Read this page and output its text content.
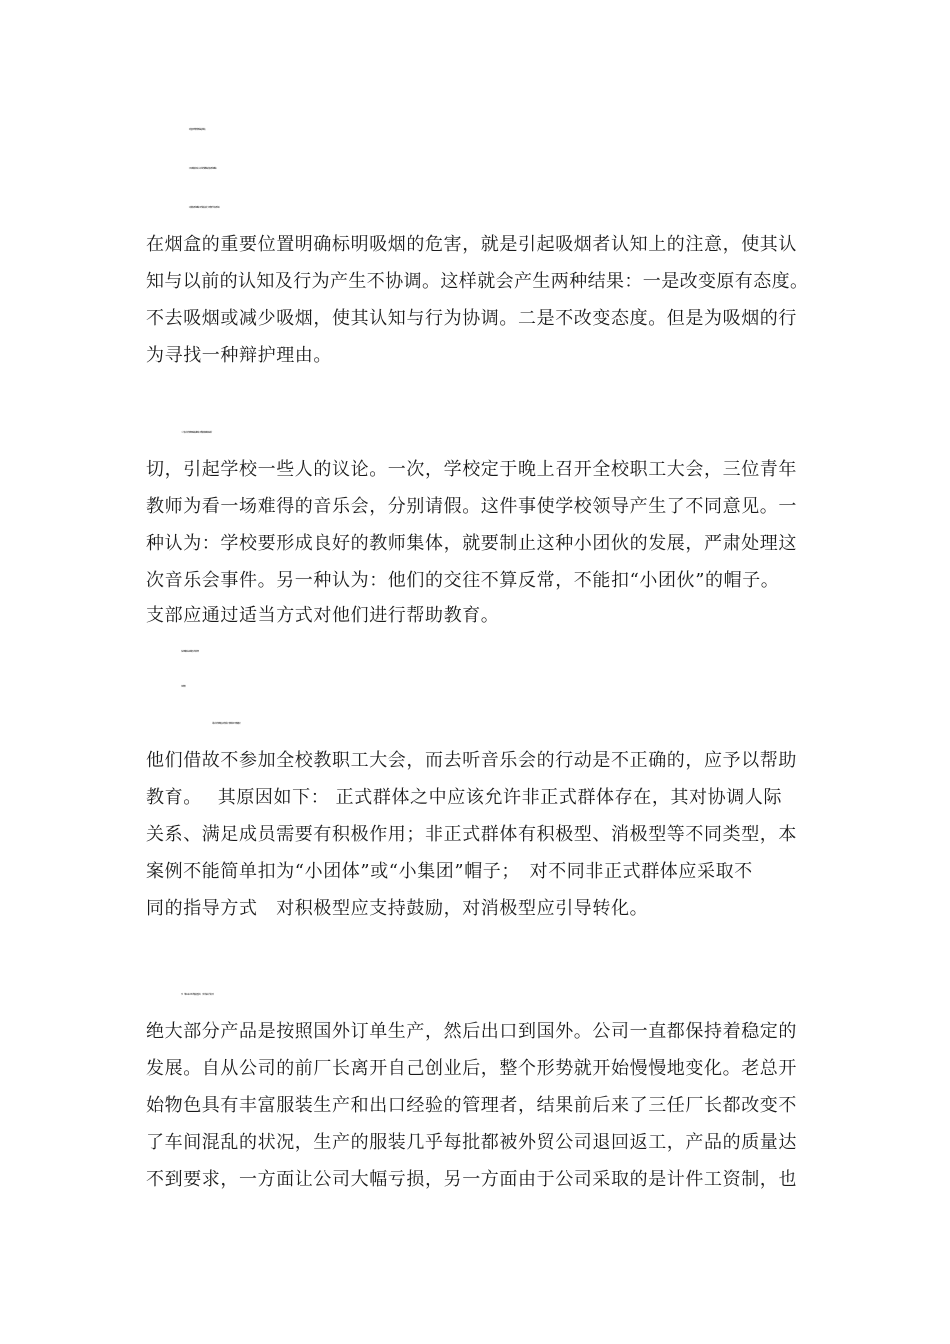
（ ）欧盟对于烟草的警示做法会有效的。
（ ）其心理依据主要是：关于态度改变理论中的认知不协调理论。
（ ）根据认知不协调理论，要改变人的态度，先要使其产生认知不协调。
在烟盒的重要位置明确标明吸烟的危害，就是引起吸烟者认知上的注意，使其认
知与以前的认知及行为产生不协调。这样就会产生两种结果：一是改变原有态度。
不去吸烟或减少吸烟，使其认知与行为协调。二是不改变态度。但是为吸烟的行
为寻找一种辩护理由。
三、某校三位青年教师同时进校任教 同住一间集体宿舍 业余时间关系密
切，引起学校一些人的议论。一次，学校定于晚上召开全校职工大会，三位青年
教师为看一场难得的音乐会，分别请假。这件事使学校领导产生了不同意见。一
种认为：学校要形成良好的教师集体，就要制止这种小团伙的发展，严肃处理这
次音乐会事件。另一种认为：他们的交往不算反常，不能扣“小团伙”的帽子。
支部应通过适当方式对他们进行帮助教育。
你认为哪种观点是正确的？请分析原因？
参考答案
该校三位青年教师的交往不算反常，不能简单扣上“小团伙”的帽子。
他们借故不参加全校教职工大会，而去听音乐会的行动是不正确的，应予以帮助
教育。　 其原因如下： 正式群体之中应该允许非正式群体存在，其对协调人际
关系、满足成员需要有积极作用；非正式群体有积极型、消极型等不同类型，本
案例不能简单扣为“小团体”或“小集团”帽子；　对不同非正式群体应采取不
同的指导方式　对积极型应支持鼓励，对消极型应引导转化。
四、　　有限公司是一家生产服装的中型企业，一部分产品是自产自销，而
绝大部分产品是按照国外订单生产，然后出口到国外。公司一直都保持着稳定的
发展。自从公司的前厂长离开自己创业后，整个形势就开始慢慢地变化。老总开
始物色具有丰富服装生产和出口经验的管理者，结果前后来了三任厂长都改变不
了车间混乱的状况，生产的服装几乎每批都被外贸公司退回返工，产品的质量达
不到要求，一方面让公司大幅亏损，另一方面由于公司采取的是计件工资制，也
